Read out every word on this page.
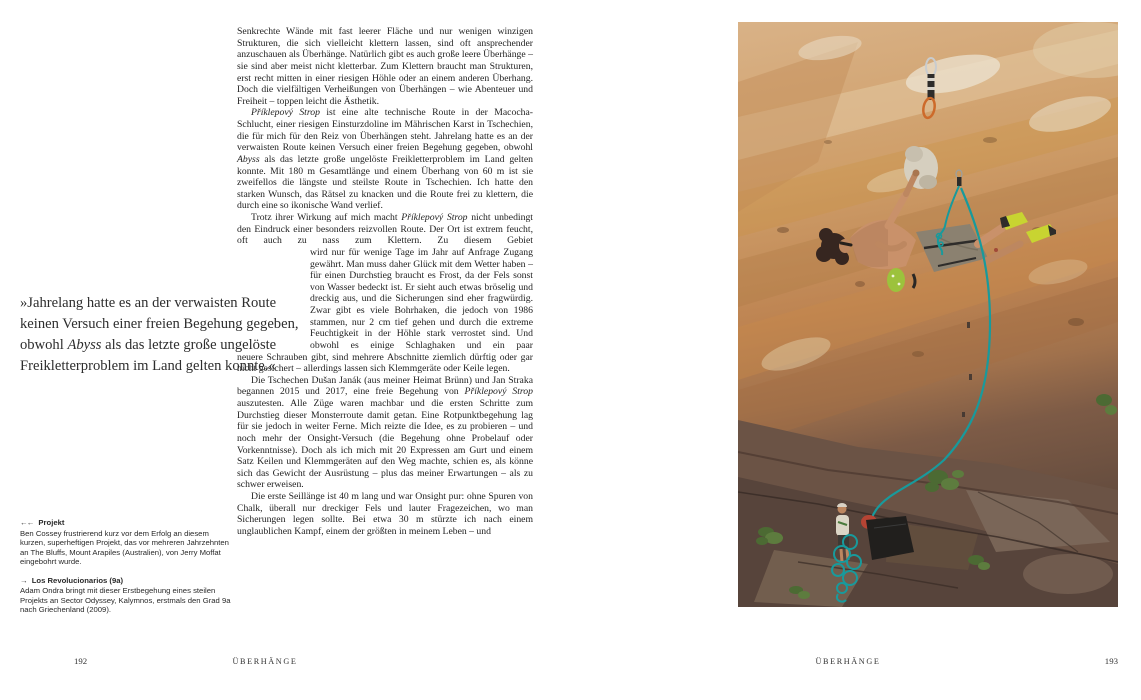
Senkrechte Wände mit fast leerer Fläche und nur wenigen winzigen Strukturen, die sich vielleicht klettern lassen, sind oft ansprechender anzuschauen als Überhänge. Natürlich gibt es auch große leere Überhänge – sie sind aber meist nicht kletterbar. Zum Klettern braucht man Strukturen, erst recht mitten in einer riesigen Höhle oder an einem anderen Überhang. Doch die vielfältigen Verheißungen von Überhängen – wie Abenteuer und Freiheit – toppen leicht die Ästhetik.
Příklepový Strop ist eine alte technische Route in der Macocha-Schlucht, einer riesigen Einsturzdoline im Mährischen Karst in Tschechien, die für mich für den Reiz von Überhängen steht. Jahrelang hatte es an der verwaisten Route keinen Versuch einer freien Begehung gegeben, obwohl Abyss als das letzte große ungelöste Freikletterproblem im Land gelten konnte. Mit 180 m Gesamtlänge und einem Überhang von 60 m ist sie zweifellos die längste und steilste Route in Tschechien. Ich hatte den starken Wunsch, das Rätsel zu knacken und die Route frei zu klettern, die durch eine so ikonische Wand verlief.
Trotz ihrer Wirkung auf mich macht Příklepový Strop nicht unbedingt den Eindruck einer besonders reizvollen Route. Der Ort ist extrem feucht, oft auch zu nass zum Klettern. Zu diesem Gebiet
wird nur für wenige Tage im Jahr auf Anfrage Zugang gewährt. Man muss daher Glück mit dem Wetter haben – für einen Durchstieg braucht es Frost, da der Fels sonst von Wasser bedeckt ist. Er sieht auch etwas bröselig und dreckig aus, und die Sicherungen sind eher fragwürdig. Zwar gibt es viele Bohrhaken, die jedoch von 1986 stammen, nur 2 cm tief gehen und durch die extreme Feuchtigkeit in der Höhle stark verrostet sind. Und obwohl es einige Schlaghaken und ein paar
neuere Schrauben gibt, sind mehrere Abschnitte ziemlich dürftig oder gar nicht gesichert – allerdings lassen sich Klemmgeräte oder Keile legen.
Die Tschechen Dušan Janák (aus meiner Heimat Brünn) und Jan Straka begannen 2015 und 2017, eine freie Begehung von Příklepový Strop auszutesten. Alle Züge waren machbar und die ersten Schritte zum Durchstieg dieser Monsterroute damit getan. Eine Rotpunktbegehung lag für sie jedoch in weiter Ferne. Mich reizte die Idee, es zu probieren – und noch mehr der Onsight-Versuch (die Begehung ohne Probelauf oder Vorkenntnisse). Doch als ich mich mit 20 Expressen am Gurt und einem Satz Keilen und Klemmgeräten auf den Weg machte, schien es, als könne sich das Gewicht der Ausrüstung – plus das meiner Erwartungen – als zu schwer erweisen.
Die erste Seillänge ist 40 m lang und war Onsight pur: ohne Spuren von Chalk, überall nur dreckiger Fels und lauter Fragezeichen, wo man Sicherungen legen sollte. Bei etwa 30 m stürzte ich nach einem unglaublichen Kampf, einem der größten in meinem Leben – und
»Jahrelang hatte es an der verwaisten Route keinen Versuch einer freien Begehung gegeben, obwohl Abyss als das letzte große ungelöste Freikletterproblem im Land gelten konnte.«
←← Projekt
Ben Cossey frustrierend kurz vor dem Erfolg an diesem kurzen, superheftigen Projekt, das vor mehreren Jahrzehnten an The Bluffs, Mount Arapiles (Australien), von Jerry Moffat eingebohrt wurde.
→ Los Revolucionarios (9a)
Adam Ondra bringt mit dieser Erstbegehung eines steilen Projekts an Sector Odyssey, Kalymnos, erstmals den Grad 9a nach Griechenland (2009).
192	ÜBERHÄNGE	ÜBERHÄNGE	193
